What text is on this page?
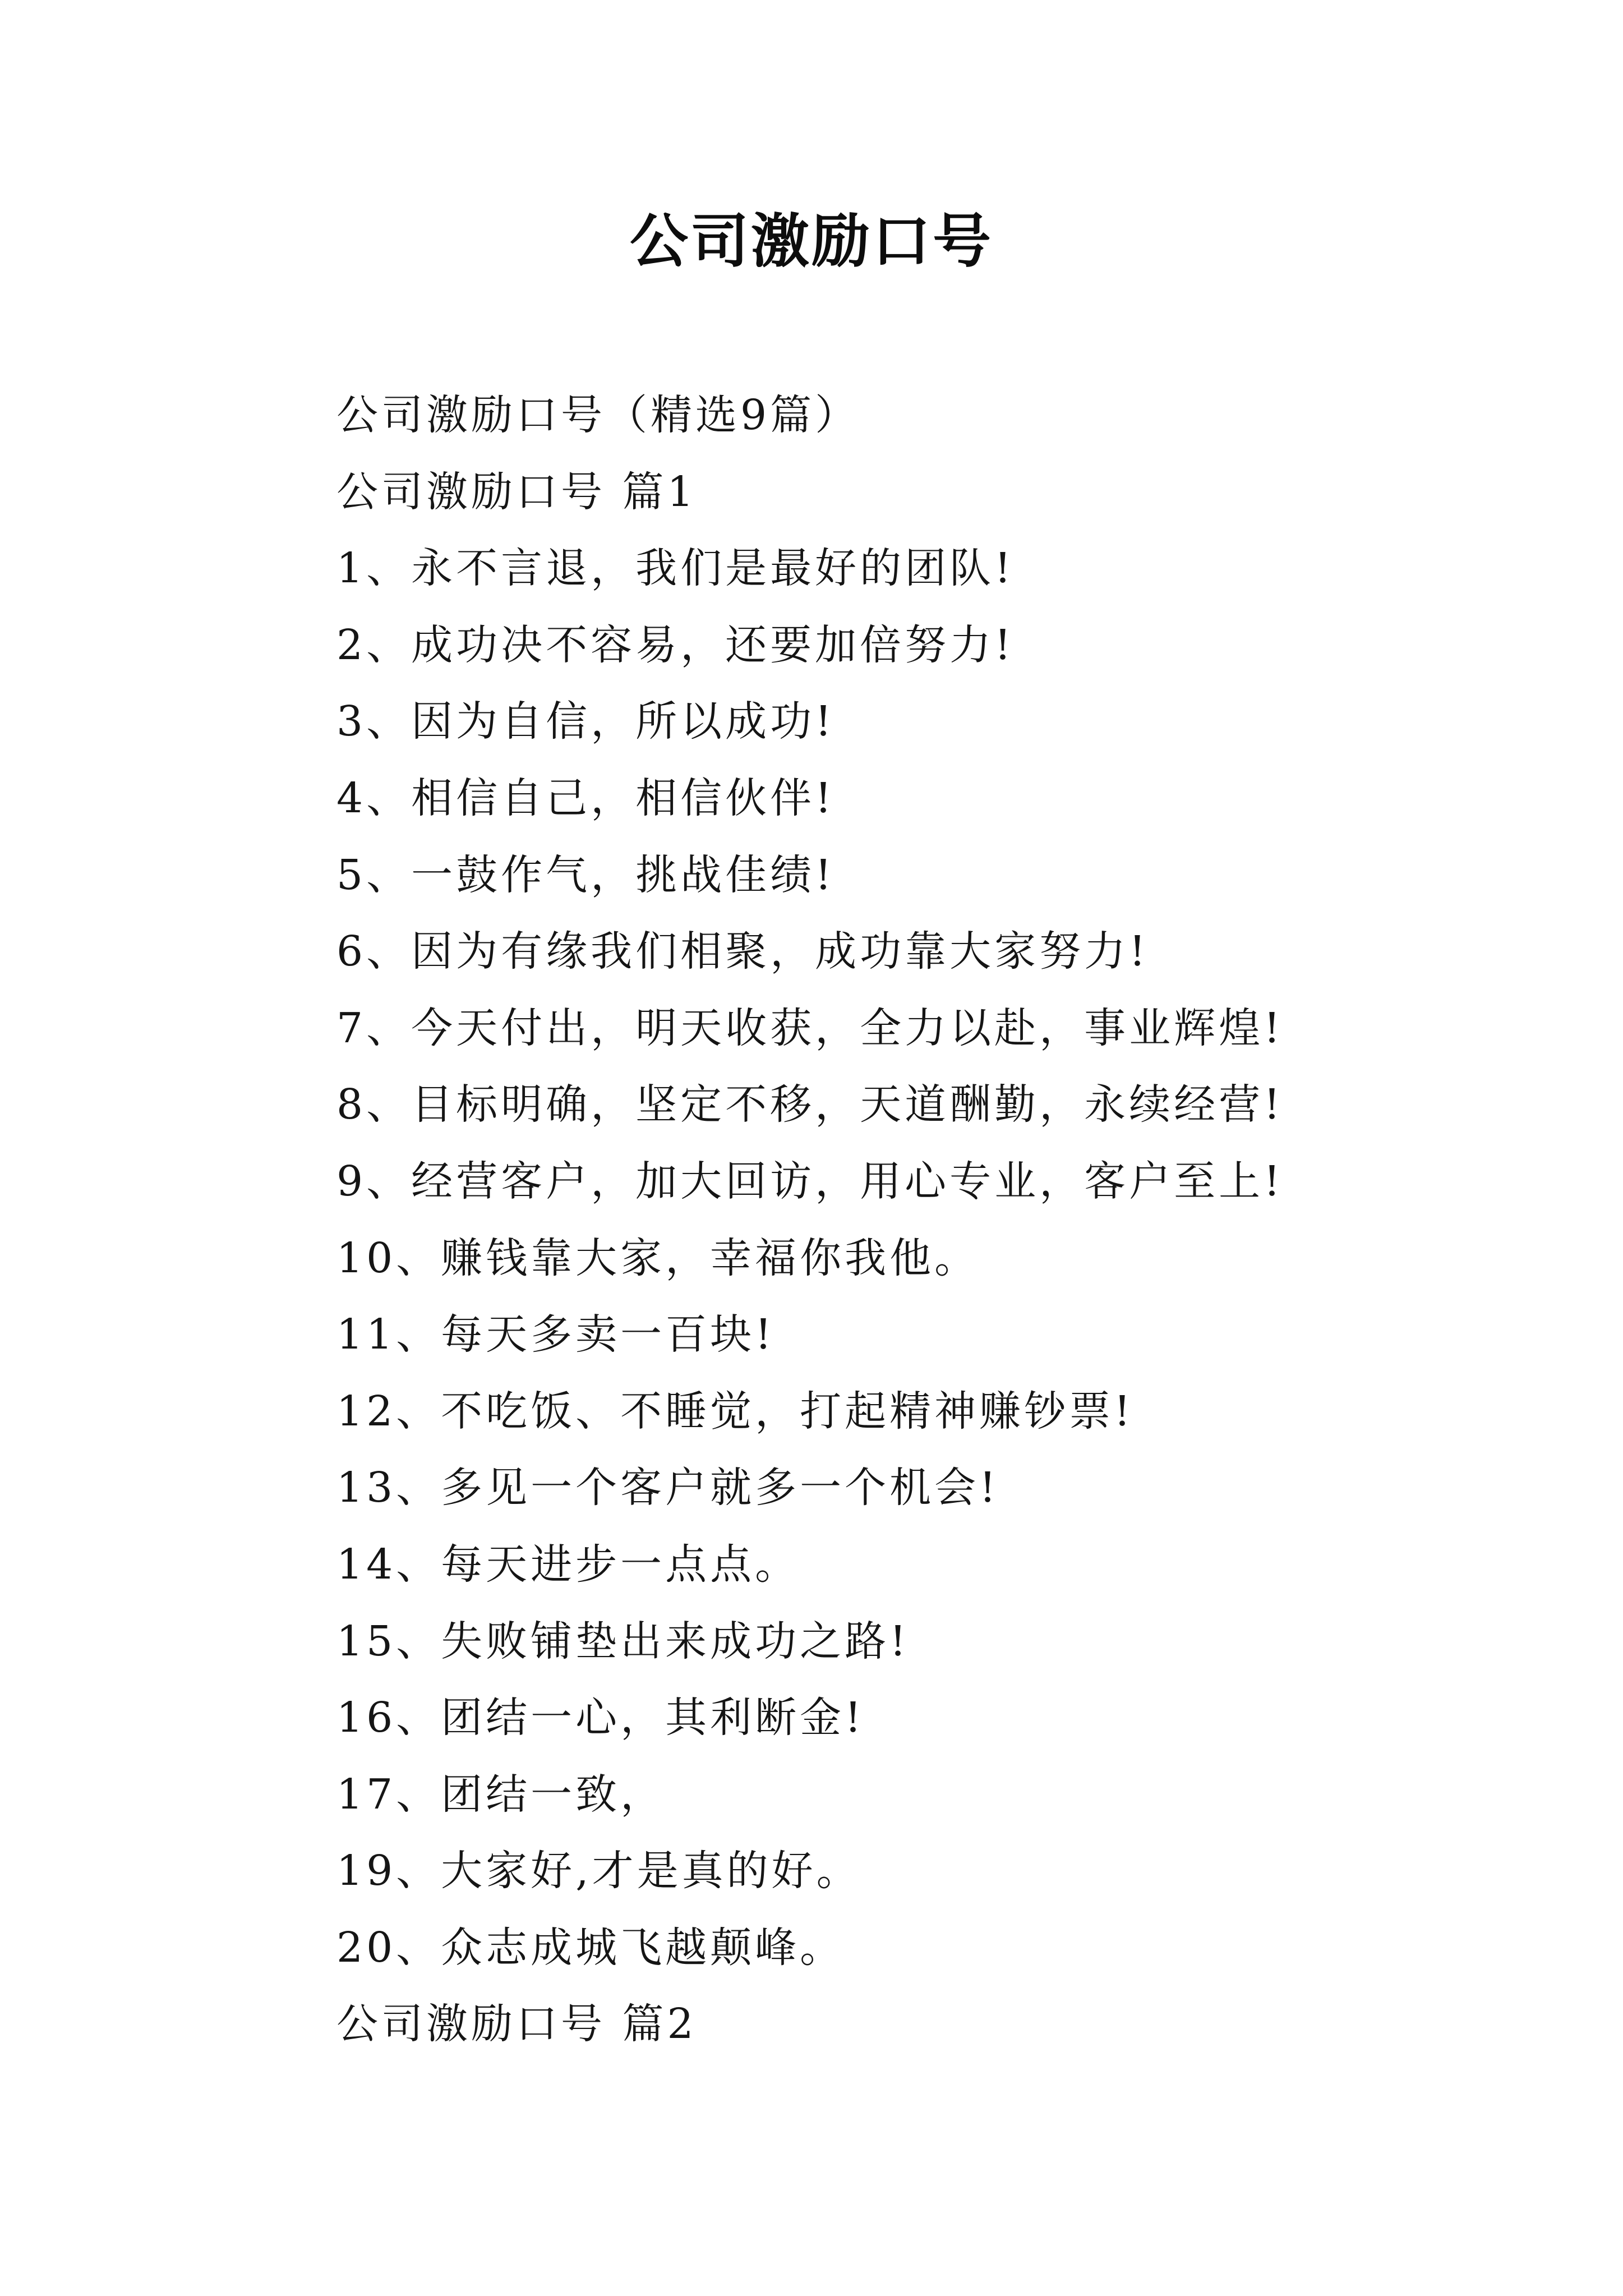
公司激励口号
公司激励口号（精选9篇）
公司激励口号 篇1
1、永不言退，我们是最好的团队!
2、成功决不容易，还要加倍努力!
3、因为自信，所以成功!
4、相信自己，相信伙伴!
5、一鼓作气，挑战佳绩!
6、因为有缘我们相聚，成功靠大家努力!
7、今天付出，明天收获，全力以赴，事业辉煌!
8、目标明确，坚定不移，天道酬勤，永续经营!
9、经营客户，加大回访，用心专业，客户至上!
10、赚钱靠大家，幸福你我他。
11、每天多卖一百块!
12、不吃饭、不睡觉，打起精神赚钞票!
13、多见一个客户就多一个机会!
14、每天进步一点点。
15、失败铺垫出来成功之路!
16、团结一心，其利断金!
17、团结一致，
19、大家好,才是真的好。
20、众志成城飞越颠峰。
公司激励口号 篇2
